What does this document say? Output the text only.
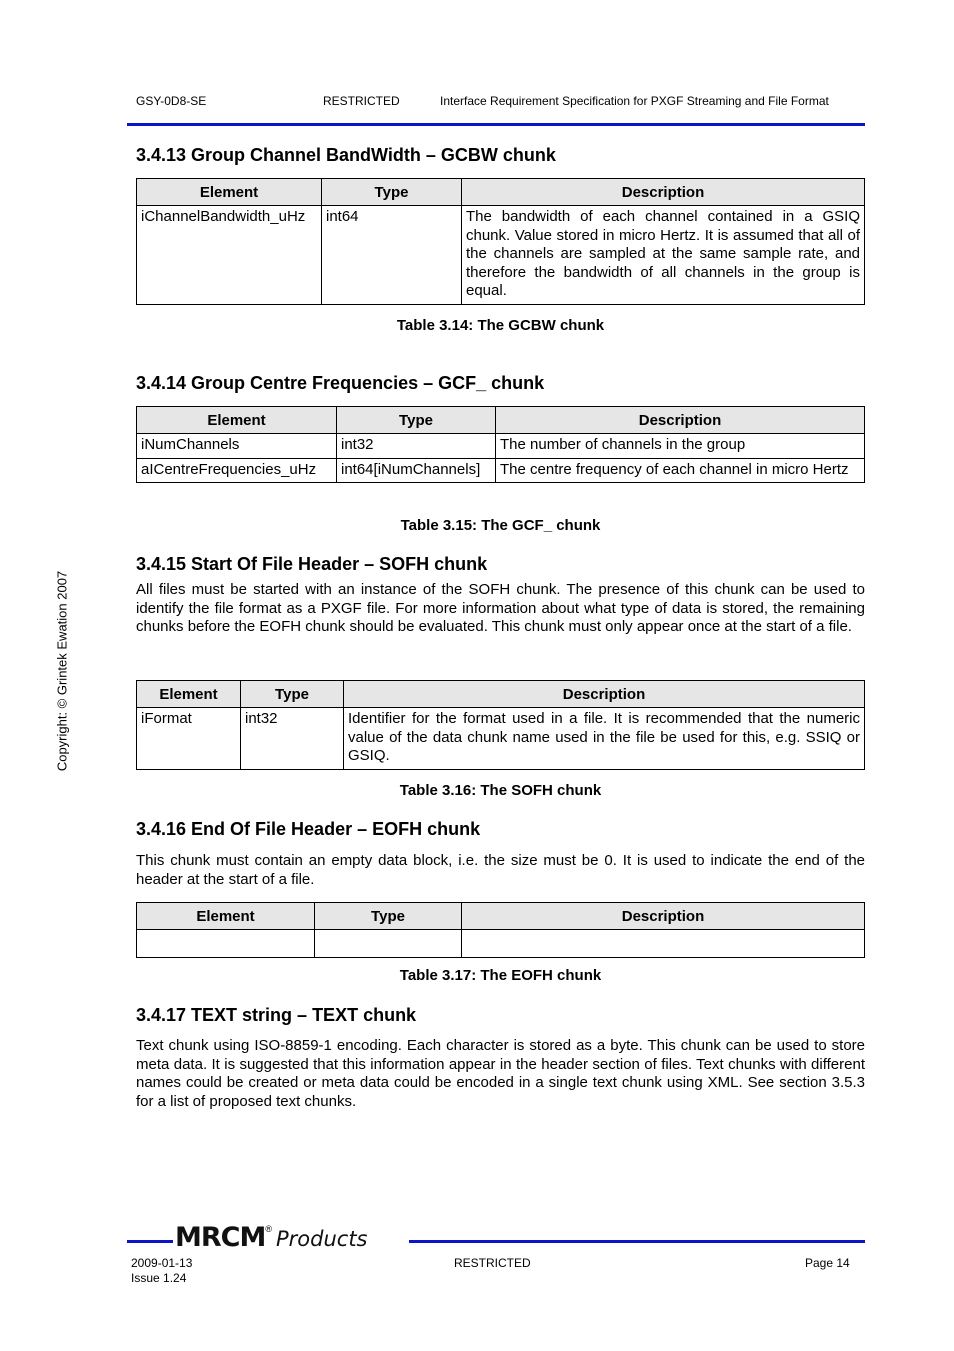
GSY-0D8-SE	RESTRICTED	Interface Requirement Specification for PXGF Streaming and File Format
Copyright: © Grintek Ewation 2007
3.4.13 Group Channel BandWidth – GCBW chunk
Element	Type	Description
iChannelBandwidth_uHz	int64	The bandwidth of each channel contained in a GSIQ chunk. Value stored in micro Hertz. It is assumed that all of the channels are sampled at the same sample rate, and therefore the bandwidth of all channels in the group is equal.
Table 3.14: The GCBW chunk
3.4.14 Group Centre Frequencies – GCF_ chunk
Element	Type	Description
iNumChannels	int32	The number of channels in the group
aICentreFrequencies_uHz	int64[iNumChannels]	The centre frequency of each channel in micro Hertz
Table 3.15: The GCF_ chunk
3.4.15 Start Of File Header – SOFH chunk

All files must be started with an instance of the SOFH chunk. The presence of this chunk can be used to identify the file format as a PXGF file. For more information about what type of data is stored, the remaining chunks before the EOFH chunk should be evaluated. This chunk must only appear once at the start of a file.

Element	Type	Description
iFormat	int32	Identifier for the format used in a file. It is recommended that the numeric value of the data chunk name used in the file be used for this, e.g. SSIQ or GSIQ.
Table 3.16: The SOFH chunk
3.4.16 End Of File Header – EOFH chunk

This chunk must contain an empty data block, i.e. the size must be 0. It is used to indicate the end of the header at the start of a file.

Element	Type	Description

Table 3.17: The EOFH chunk
3.4.17 TEXT string – TEXT chunk

Text chunk using ISO-8859-1 encoding. Each character is stored as a byte. This chunk can be used to store meta data. It is suggested that this information appear in the header section of files. Text chunks with different names could be created or meta data could be encoded in a single text chunk using XML. See section 3.5.3 for a list of proposed text chunks.

MRCM® Products
2009-01-13
Issue 1.24
RESTRICTED	Page 14
